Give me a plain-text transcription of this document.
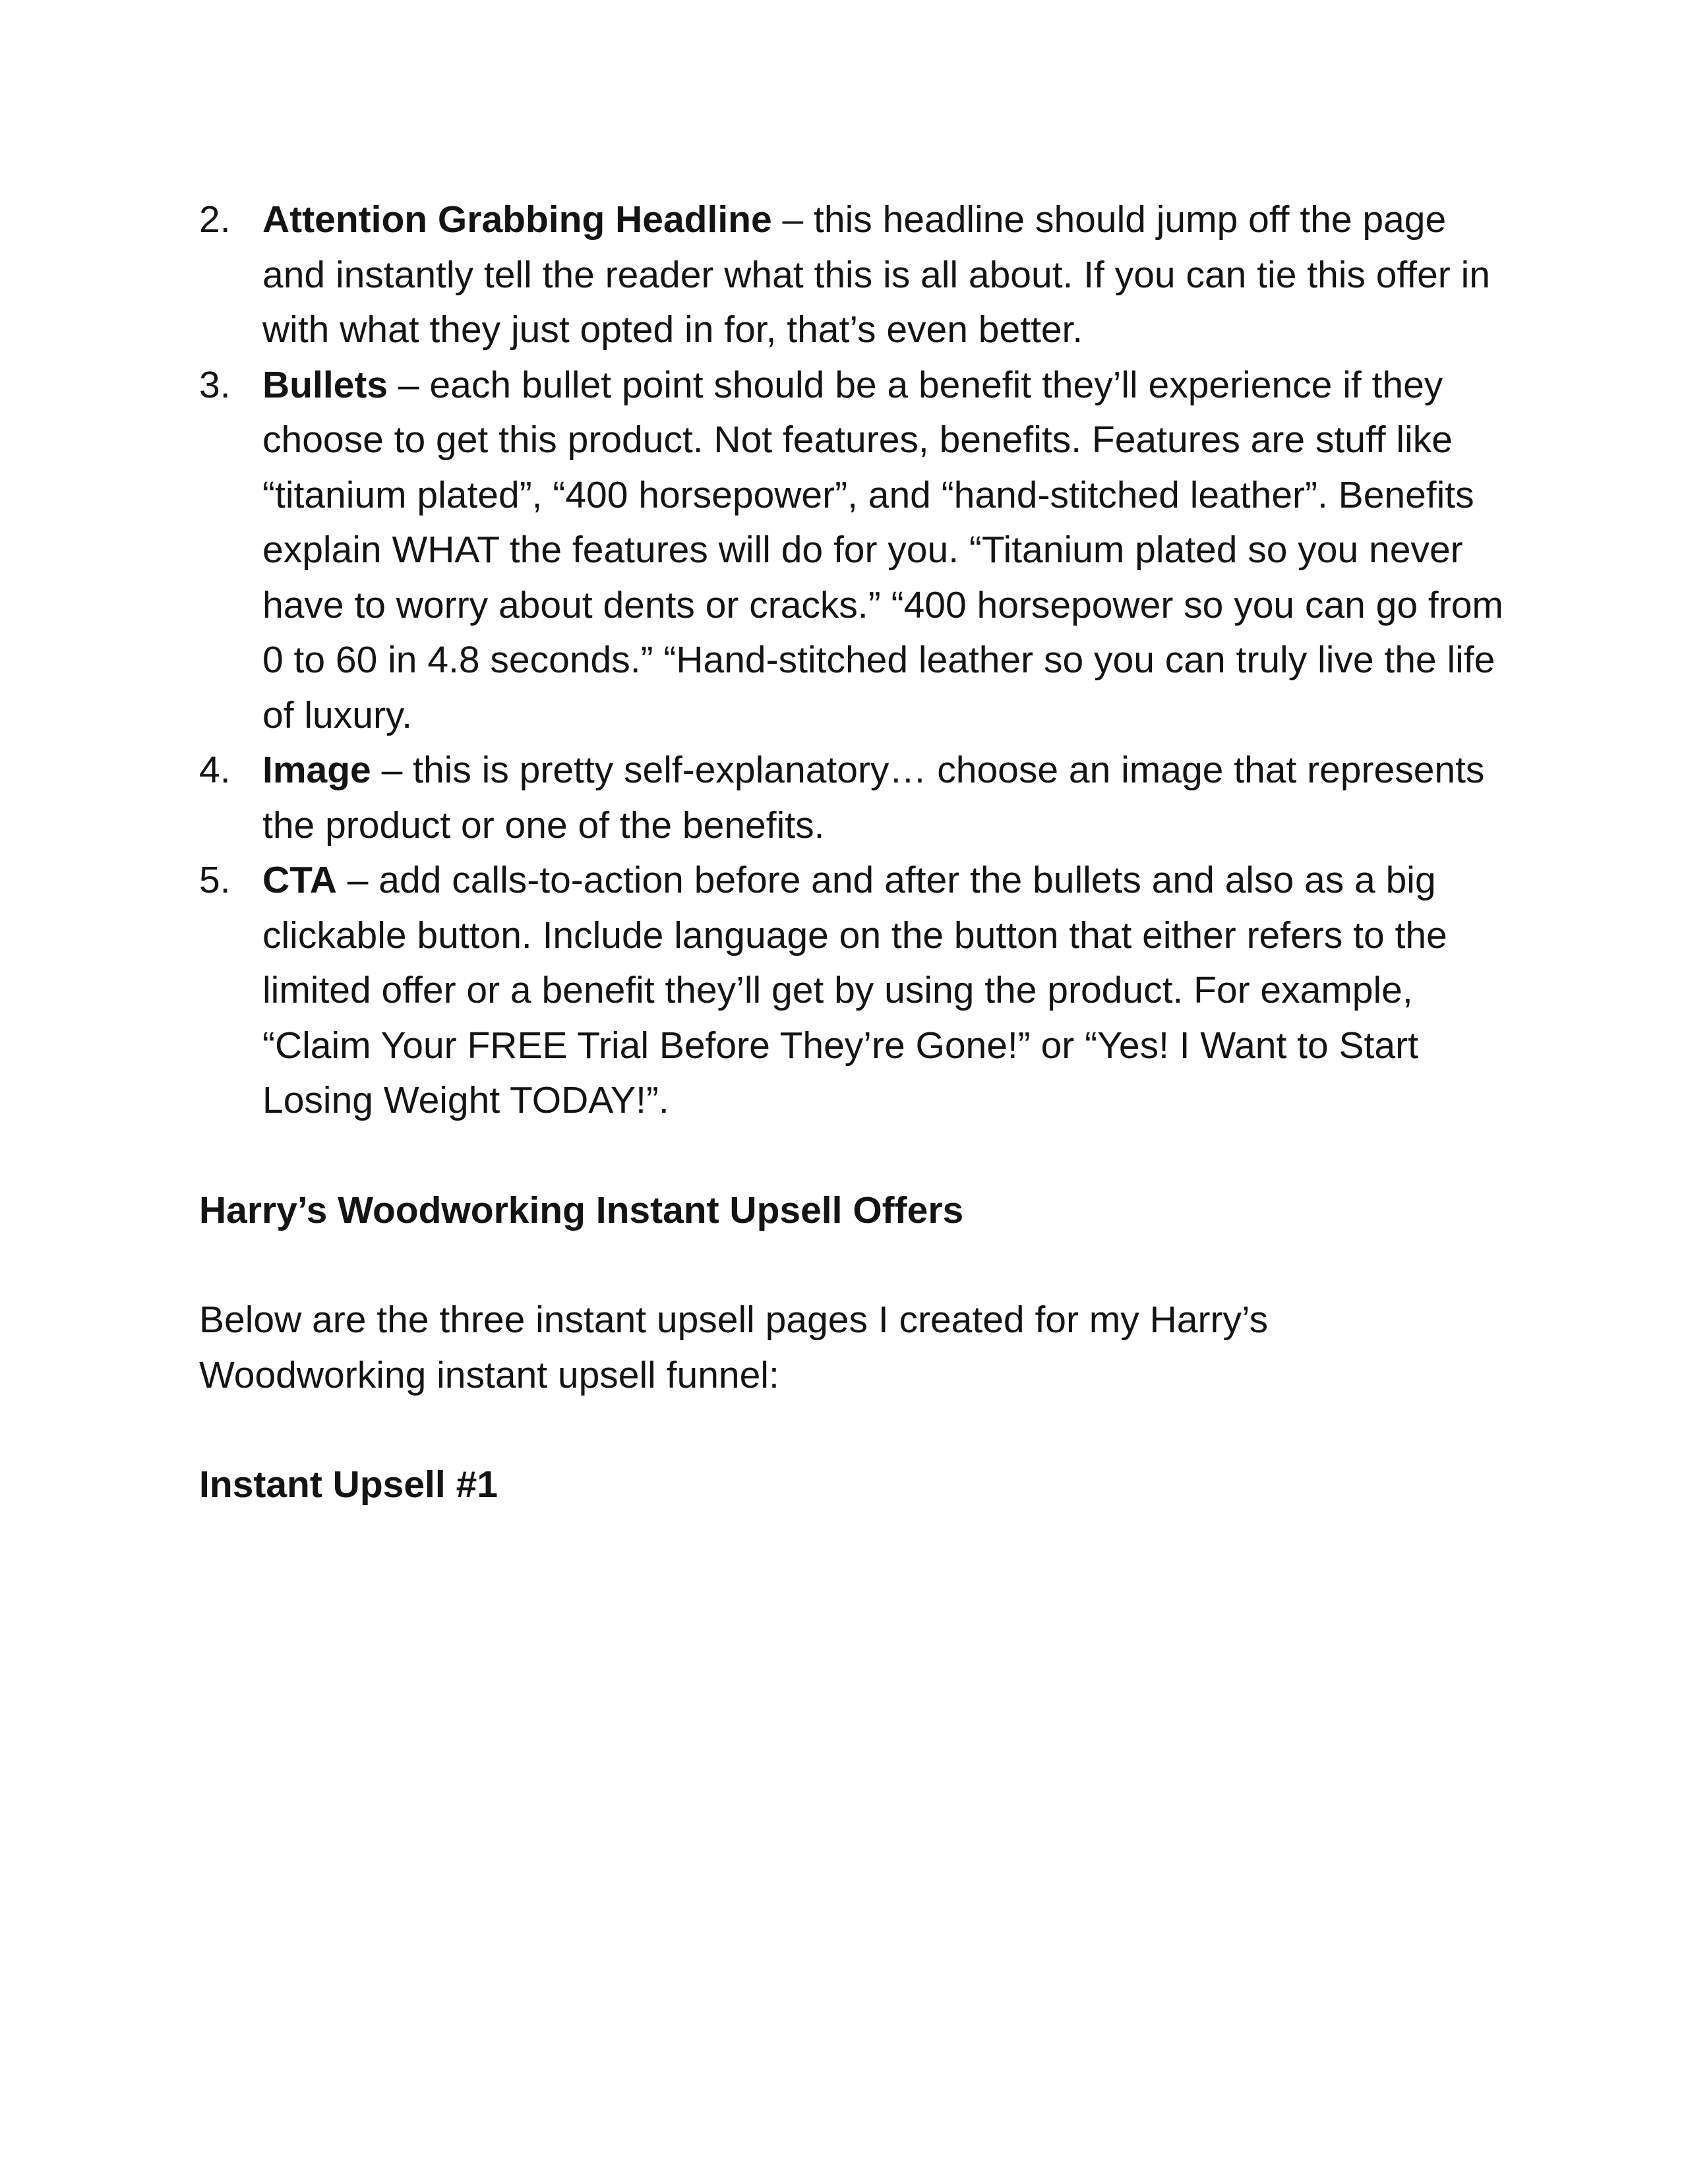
2. Attention Grabbing Headline – this headline should jump off the page and instantly tell the reader what this is all about. If you can tie this offer in with what they just opted in for, that’s even better.
3. Bullets – each bullet point should be a benefit they’ll experience if they choose to get this product. Not features, benefits. Features are stuff like “titanium plated”, “400 horsepower”, and “hand-stitched leather”. Benefits explain WHAT the features will do for you. “Titanium plated so you never have to worry about dents or cracks.” “400 horsepower so you can go from 0 to 60 in 4.8 seconds.” “Hand-stitched leather so you can truly live the life of luxury.
4. Image – this is pretty self-explanatory… choose an image that represents the product or one of the benefits.
5. CTA – add calls-to-action before and after the bullets and also as a big clickable button. Include language on the button that either refers to the limited offer or a benefit they’ll get by using the product. For example, “Claim Your FREE Trial Before They’re Gone!” or “Yes! I Want to Start Losing Weight TODAY!”.
Harry’s Woodworking Instant Upsell Offers

Below are the three instant upsell pages I created for my Harry’s Woodworking instant upsell funnel:

Instant Upsell #1
